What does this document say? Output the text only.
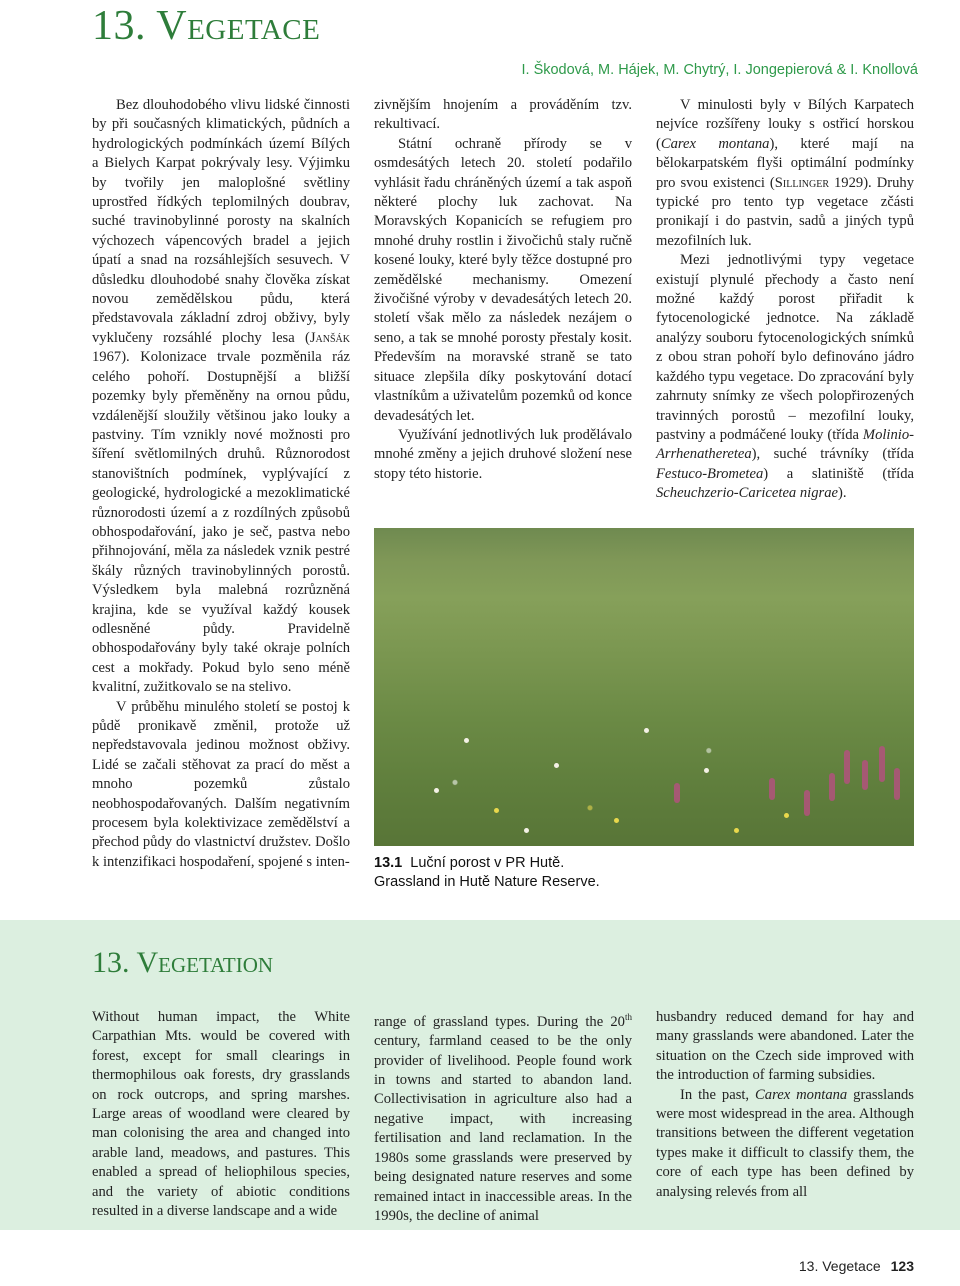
13. Vegetace
I. Škodová, M. Hájek, M. Chytrý, I. Jongepierová & I. Knollová

Bez dlouhodobého vlivu lidské činnosti by při současných klimatických, půdních a hydrologických podmínkách území Bílých a Bielych Karpat pokrývaly lesy. Výjimku by tvořily jen maloplošné světliny uprostřed řídkých teplomilných doubrav, suché travinobylinné porosty na skalních výchozech vápencových bradel a jejich úpatí a snad na rozsáhlejších sesuvech. V důsledku dlouhodobé snahy člověka získat novou zemědělskou půdu, která představovala základní zdroj obživy, byly vyklučeny rozsáhlé plochy lesa (Janšák 1967). Kolonizace trvale pozměnila ráz celého pohoří. Dostupnější a bližší pozemky byly přeměněny na ornou půdu, vzdálenější sloužily většinou jako louky a pastviny. Tím vznikly nové možnosti pro šíření světlomilných druhů. Různorodost stanovištních podmínek, vyplývající z geologické, hydrologické a mezoklimatické různorodosti území a z rozdílných způsobů obhospodařování, jako je seč, pastva nebo přihnojování, měla za následek vznik pestré škály různých travinobylinných porostů. Výsledkem byla malebná rozrůzněná krajina, kde se využíval každý kousek odlesněné půdy. Pravidelně obhospodařovány byly také okraje polních cest a mokřady. Pokud bylo seno méně kvalitní, zužitkovalo se na stelivo.

V průběhu minulého století se postoj k půdě pronikavě změnil, protože už nepředstavovala jedinou možnost obživy. Lidé se začali stěhovat za prací do měst a mnoho pozemků zůstalo neobhospodařovaných. Dalším negativním procesem byla kolektivizace zemědělství a přechod půdy do vlastnictví družstev. Došlo k intenzifikaci hospodaření, spojené s inten-

zivnějším hnojením a prováděním tzv. rekultivací.

Státní ochraně přírody se v osmdesátých letech 20. století podařilo vyhlásit řadu chráněných území a tak aspoň některé plochy luk zachovat. Na Moravských Kopanicích se refugiem pro mnohé druhy rostlin i živočichů staly ručně kosené louky, které byly těžce dostupné pro zemědělské mechanismy. Omezení živočišné výroby v devadesátých letech 20. století však mělo za následek nezájem o seno, a tak se mnohé porosty přestaly kosit. Především na moravské straně se tato situace zlepšila díky poskytování dotací vlastníkům a uživatelům pozemků od konce devadesátých let.

Využívání jednotlivých luk prodělávalo mnohé změny a jejich druhové složení nese stopy této historie.

V minulosti byly v Bílých Karpatech nejvíce rozšířeny louky s ostřicí horskou (Carex montana), které mají na bělokarpatském flyši optimální podmínky pro svou existenci (Sillinger 1929). Druhy typické pro tento typ vegetace zčásti pronikají i do pastvin, sadů a jiných typů mezofilních luk.

Mezi jednotlivými typy vegetace existují plynulé přechody a často není možné každý porost přiřadit k fytocenologické jednotce. Na základě analýzy souboru fytocenologických snímků z obou stran pohoří bylo definováno jádro každého typu vegetace. Do zpracování byly zahrnuty snímky ze všech polopřirozených travinných porostů – mezofilní louky, pastviny a podmáčené louky (třída Molinio-Arrhenatheretea), suché trávníky (třída Festuco-Brometea) a slatiniště (třída Scheuchzerio-Caricetea nigrae).

13.1 Luční porost v PR Hutě.
Grassland in Hutě Nature Reserve.
13. Vegetation

Without human impact, the White Carpathian Mts. would be covered with forest, except for small clearings in thermophilous oak forests, dry grasslands on rock outcrops, and spring marshes. Large areas of woodland were cleared by man colonising the area and changed into arable land, meadows, and pastures. This enabled a spread of heliophilous species, and the variety of abiotic conditions resulted in a diverse landscape and a wide

range of grassland types. During the 20th century, farmland ceased to be the only provider of livelihood. People found work in towns and started to abandon land. Collectivisation in agriculture also had a negative impact, with increasing fertilisation and land reclamation. In the 1980s some grasslands were preserved by being designated nature reserves and some remained intact in inaccessible areas. In the 1990s, the decline of animal

husbandry reduced demand for hay and many grasslands were abandoned. Later the situation on the Czech side improved with the introduction of farming subsidies.

In the past, Carex montana grasslands were most widespread in the area. Although transitions between the different vegetation types make it difficult to classify them, the core of each type has been defined by analysing relevés from all

13. Vegetace 123
